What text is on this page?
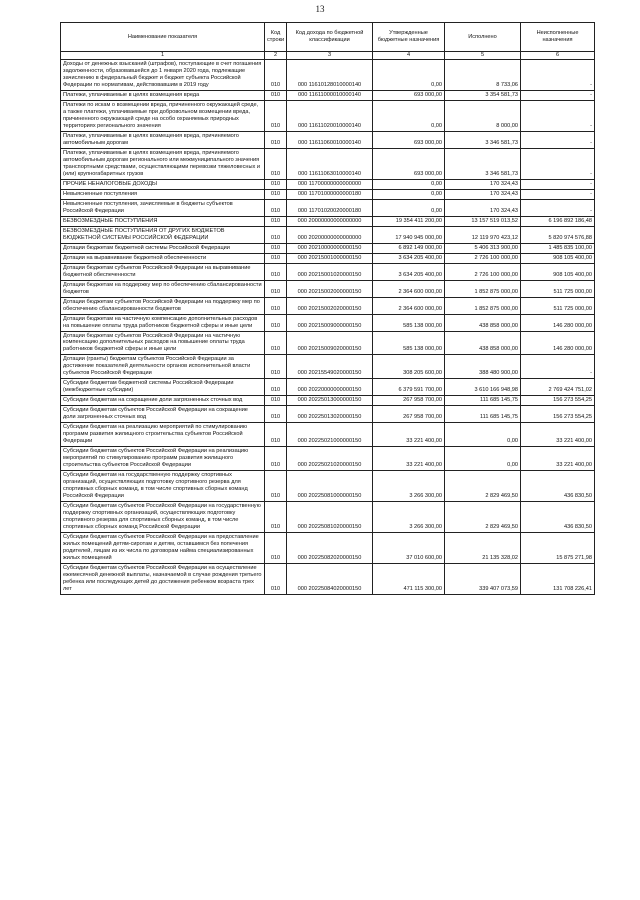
13
Наименование показателя	Код строки	Код дохода по бюджетной классификации	Утвержденные бюджетные назначения	Исполнено	Неисполненные назначения
1	2	3	4	5	6
Доходы от денежных взысканий (штрафов), поступающие в счет погашения задолженности, образовавшейся до 1 января 2020 года, подлежащие зачислению в федеральный бюджет и бюджет субъекта Российской Федерации по нормативам, действовавшим в 2019 году	010	000 11610128010000140	0,00	8 733,06	-
Платежи, уплачиваемые в целях возмещения вреда	010	000 11611000010000140	693 000,00	3 354 581,73	-
Платежи по искам о возмещении вреда, причиненного окружающей среде, а также платежи, уплачиваемые при добровольном возмещении вреда, причиненного окружающей среде на особо охраняемых природных территориях регионального значения	010	000 11611020010000140	0,00	8 000,00	-
Платежи, уплачиваемые в целях возмещения вреда, причиняемого автомобильным дорогам	010	000 11611060010000140	693 000,00	3 346 581,73	-
Платежи, уплачиваемые в целях возмещения вреда, причиняемого автомобильным дорогам регионального или межмуниципального значения транспортными средствами, осуществляющими перевозки тяжеловесных и (или) крупногабаритных грузов	010	000 11611063010000140	693 000,00	3 346 581,73	-
ПРОЧИЕ НЕНАЛОГОВЫЕ ДОХОДЫ	010	000 11700000000000000	0,00	170 324,43	-
Невыясненные поступления	010	000 11701000000000180	0,00	170 324,43	-
Невыясненные поступления, зачисляемые в бюджеты субъектов Российской Федерации	010	000 11701020020000180	0,00	170 324,43	-
БЕЗВОЗМЕЗДНЫЕ ПОСТУПЛЕНИЯ	010	000 20000000000000000	19 354 411 200,00	13 157 519 013,52	6 196 892 186,48
БЕЗВОЗМЕЗДНЫЕ ПОСТУПЛЕНИЯ ОТ ДРУГИХ БЮДЖЕТОВ БЮДЖЕТНОЙ СИСТЕМЫ РОССИЙСКОЙ ФЕДЕРАЦИИ	010	000 20200000000000000	17 940 945 000,00	12 119 970 423,12	5 820 974 576,88
Дотации бюджетам бюджетной системы Российской Федерации	010	000 20210000000000150	6 892 149 000,00	5 406 313 900,00	1 485 835 100,00
Дотации на выравнивание бюджетной обеспеченности	010	000 20215001000000150	3 634 205 400,00	2 726 100 000,00	908 105 400,00
Дотации бюджетам субъектов Российской Федерации на выравнивание бюджетной обеспеченности	010	000 20215001020000150	3 634 205 400,00	2 726 100 000,00	908 105 400,00
Дотации бюджетам на поддержку мер по обеспечению сбалансированности бюджетов	010	000 20215002000000150	2 364 600 000,00	1 852 875 000,00	511 725 000,00
Дотации бюджетам субъектов Российской Федерации на поддержку мер по обеспечению сбалансированности бюджетов	010	000 20215002020000150	2 364 600 000,00	1 852 875 000,00	511 725 000,00
Дотации бюджетам на частичную компенсацию дополнительных расходов на повышение оплаты труда работников бюджетной сферы и иные цели	010	000 20215009000000150	585 138 000,00	438 858 000,00	146 280 000,00
Дотации бюджетам субъектов Российской Федерации на частичную компенсацию дополнительных расходов на повышение оплаты труда работников бюджетной сферы и иные цели	010	000 20215009020000150	585 138 000,00	438 858 000,00	146 280 000,00
Дотации (гранты) бюджетам субъектов Российской Федерации за достижение показателей деятельности органов исполнительной власти субъектов Российской Федерации	010	000 20215549020000150	308 205 600,00	388 480 900,00	-
Субсидии бюджетам бюджетной системы Российской Федерации (межбюджетные субсидии)	010	000 20220000000000150	6 379 591 700,00	3 610 166 948,98	2 769 424 751,02
Субсидии бюджетам на сокращение доли загрязненных сточных вод	010	000 20225013000000150	267 958 700,00	111 685 145,75	156 273 554,25
Субсидии бюджетам субъектов Российской Федерации на сокращение доли загрязненных сточных вод	010	000 20225013020000150	267 958 700,00	111 685 145,75	156 273 554,25
Субсидии бюджетам на реализацию мероприятий по стимулированию программ развития жилищного строительства субъектов Российской Федерации	010	000 20225021000000150	33 221 400,00	0,00	33 221 400,00
Субсидии бюджетам субъектов Российской Федерации на реализацию мероприятий по стимулированию программ развития жилищного строительства субъектов Российской Федерации	010	000 20225021020000150	33 221 400,00	0,00	33 221 400,00
Субсидии бюджетам на государственную поддержку спортивных организаций, осуществляющих подготовку спортивного резерва для спортивных сборных команд, в том числе спортивных сборных команд Российской Федерации	010	000 20225081000000150	3 266 300,00	2 829 469,50	436 830,50
Субсидии бюджетам субъектов Российской Федерации на государственную поддержку спортивных организаций, осуществляющих подготовку спортивного резерва для спортивных сборных команд, в том числе спортивных сборных команд Российской Федерации	010	000 20225081020000150	3 266 300,00	2 829 469,50	436 830,50
Субсидии бюджетам субъектов Российской Федерации на предоставление жилых помещений детям-сиротам и детям, оставшимся без попечения родителей, лицам из их числа по договорам найма специализированных жилых помещений	010	000 20225082020000150	37 010 600,00	21 135 328,02	15 875 271,98
Субсидии бюджетам субъектов Российской Федерации на осуществление ежемесячной денежной выплаты, назначаемой в случае рождения третьего ребенка или последующих детей до достижения ребенком возраста трех лет	010	000 20225084020000150	471 115 300,00	339 407 073,59	131 708 226,41
